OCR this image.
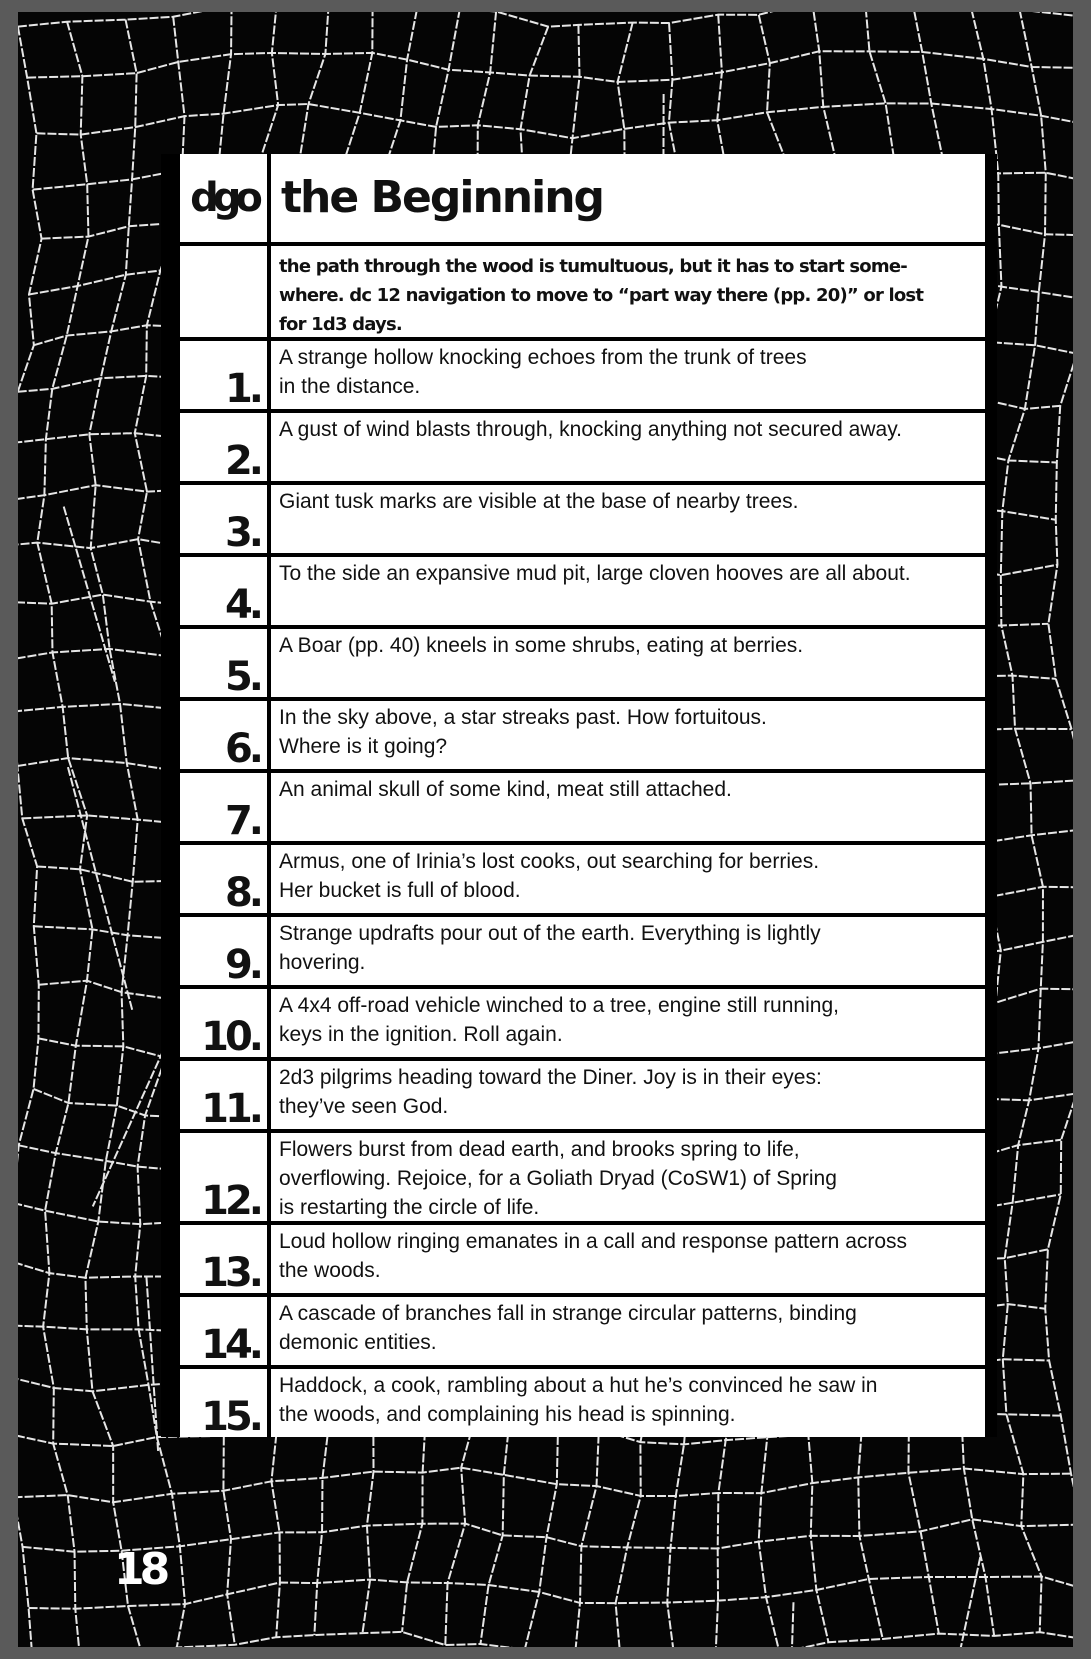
dgo the Beginning
the path through the wood is tumultuous, but it has to start some-
where. dc 12 navigation to move to “part way there (pp. 20)” or lost
for 1d3 days.
1.
A strange hollow knocking echoes from the trunk of trees
in the distance.
2.
A gust of wind blasts through, knocking anything not secured away.
3.
Giant tusk marks are visible at the base of nearby trees.
4.
To the side an expansive mud pit, large cloven hooves are all about.
5.
A Boar (pp. 40) kneels in some shrubs, eating at berries.
6.
In the sky above, a star streaks past. How fortuitous.
Where is it going?
7.
An animal skull of some kind, meat still attached.
8.
Armus, one of Irinia’s lost cooks, out searching for berries.
Her bucket is full of blood.
9.
Strange updrafts pour out of the earth. Everything is lightly
hovering.
10.
A 4x4 off-road vehicle winched to a tree, engine still running,
keys in the ignition. Roll again.
11.
2d3 pilgrims heading toward the Diner. Joy is in their eyes:
they’ve seen God.
12.
Flowers burst from dead earth, and brooks spring to life,
overflowing. Rejoice, for a Goliath Dryad (CoSW1) of Spring
is restarting the circle of life.
13.
Loud hollow ringing emanates in a call and response pattern across
the woods.
14.
A cascade of branches fall in strange circular patterns, binding
demonic entities.
15.
Haddock, a cook, rambling about a hut he’s convinced he saw in
the woods, and complaining his head is spinning.
18
